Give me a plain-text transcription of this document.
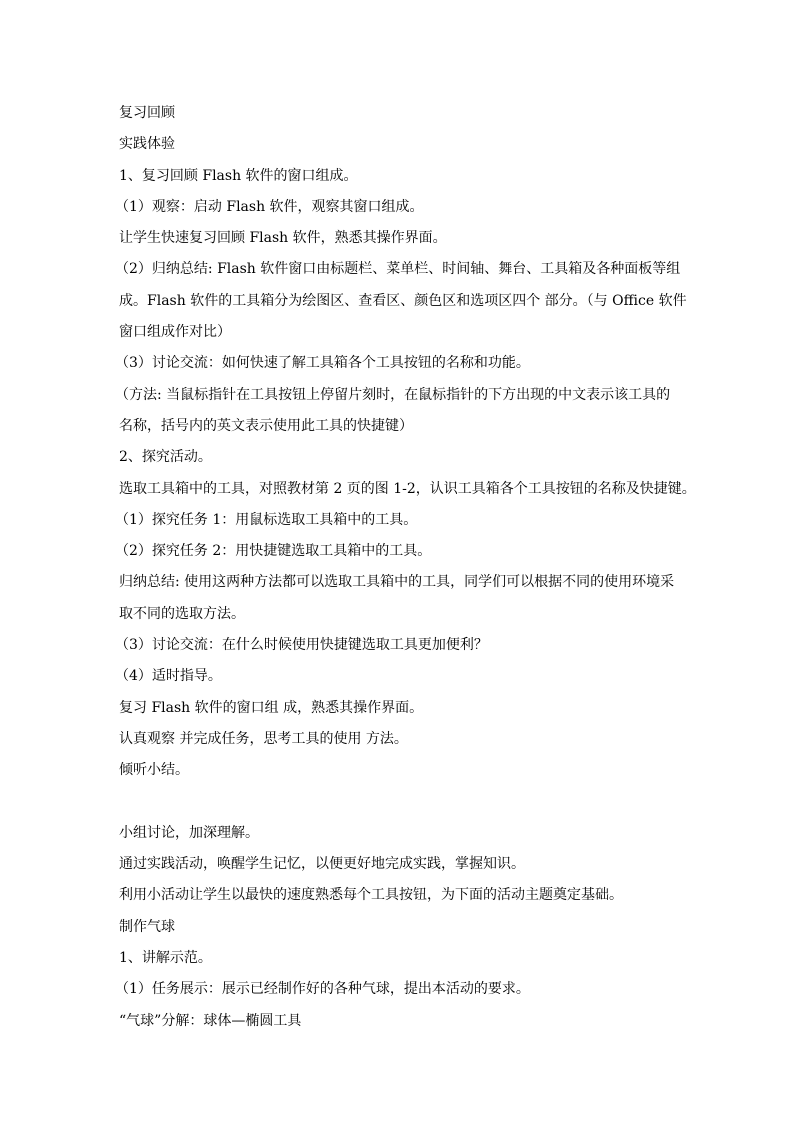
复习回顾
实践体验
1、复习回顾 Flash 软件的窗口组成。
（1）观察：启动 Flash 软件，观察其窗口组成。
让学生快速复习回顾 Flash 软件，熟悉其操作界面。
（2）归纳总结: Flash 软件窗口由标题栏、菜单栏、时间轴、舞台、工具箱及各种面板等组
成。Flash 软件的工具箱分为绘图区、查看区、颜色区和选项区四个 部分。（与 Office 软件
窗口组成作对比）
（3）讨论交流：如何快速了解工具箱各个工具按钮的名称和功能。
（方法: 当鼠标指针在工具按钮上停留片刻时，在鼠标指针的下方出现的中文表示该工具的
名称，括号内的英文表示使用此工具的快捷键）
2、探究活动。
选取工具箱中的工具，对照教材第 2 页的图 1-2，认识工具箱各个工具按钮的名称及快捷键。
（1）探究任务 1：用鼠标选取工具箱中的工具。
（2）探究任务 2：用快捷键选取工具箱中的工具。
归纳总结: 使用这两种方法都可以选取工具箱中的工具，同学们可以根据不同的使用环境采
取不同的选取方法。
（3）讨论交流：在什么时候使用快捷键选取工具更加便利？
（4）适时指导。
复习 Flash 软件的窗口组 成，熟悉其操作界面。
认真观察 并完成任务，思考工具的使用 方法。
倾听小结。
小组讨论，加深理解。
通过实践活动，唤醒学生记忆，以便更好地完成实践，掌握知识。
利用小活动让学生以最快的速度熟悉每个工具按钮，为下面的活动主题奠定基础。
制作气球
1、讲解示范。
（1）任务展示：展示已经制作好的各种气球，提出本活动的要求。
“气球”分解：球体—椭圆工具
